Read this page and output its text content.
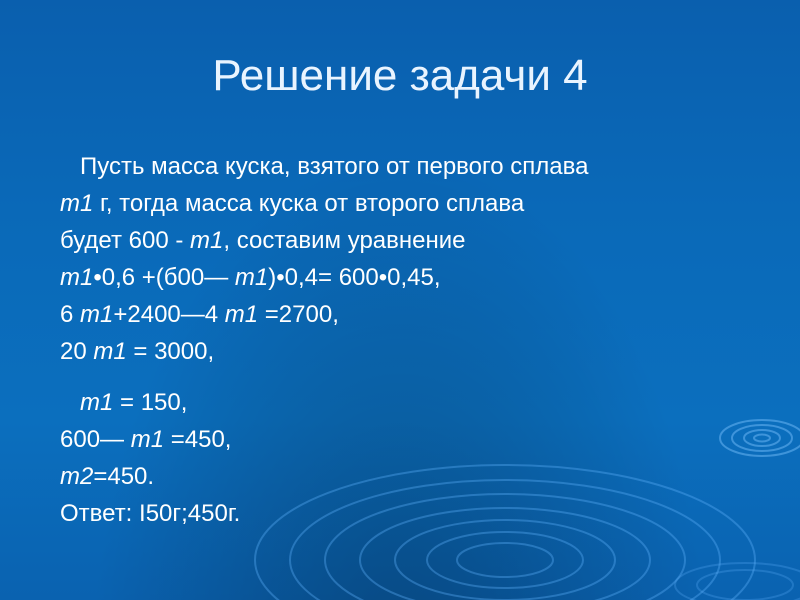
Решение задачи 4
Пусть масса куска, взятого от первого сплава
m1 г, тогда масса куска от второго сплава
будет 600 - m1, составим уравнение
m1•0,6 +(б00— m1)•0,4= 600•0,45,
6 m1+2400—4 m1 =2700,
20 m1 = 3000,
m1 = 150,
600— m1 =450,
m2=450.
Ответ: I50г;450г.
